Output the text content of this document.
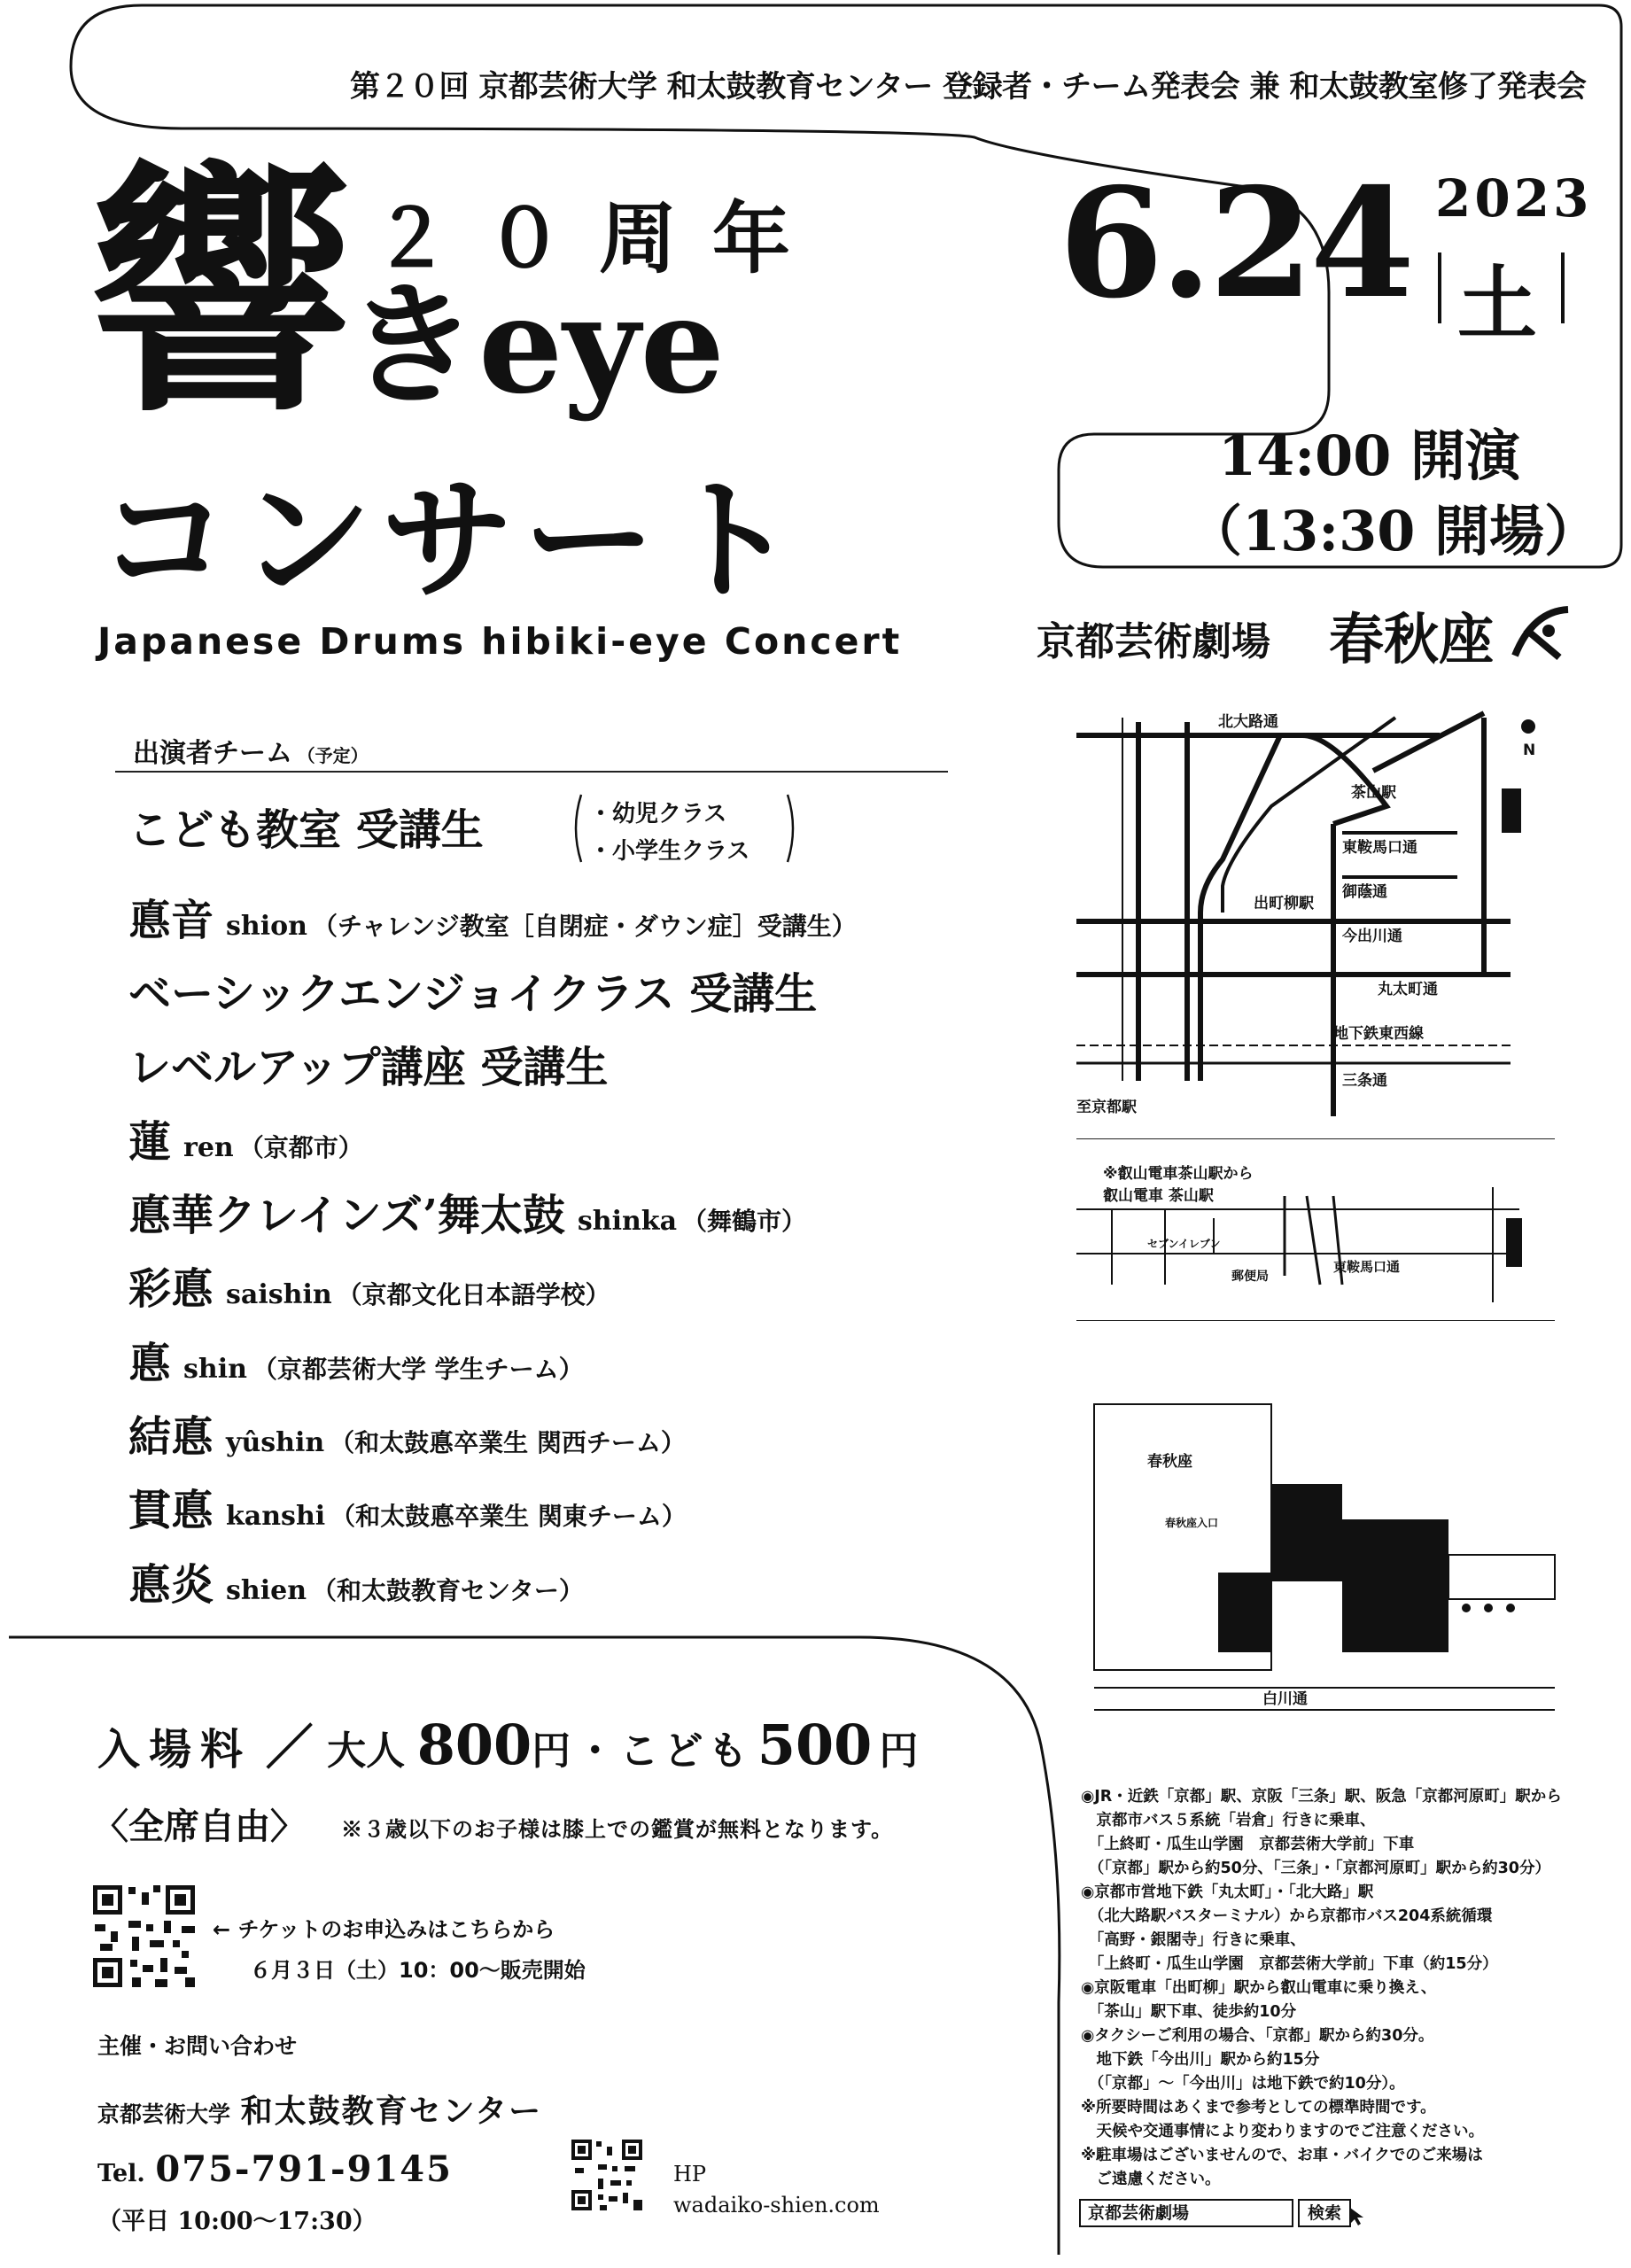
第２０回 京都芸術大学 和太鼓教育センター 登録者・チーム発表会 兼 和太鼓教室修了発表会
響 ２０周年
きeye
コンサート
Japanese Drums hibiki-eye Concert
6.24 2023
土
14:00 開演
（13:30 開場）
京都芸術劇場 春秋座
出演者チーム （予定）
こども教室 受講生	・幼児クラス
・小学生クラス
悳音 shion （チャレンジ教室［自閉症・ダウン症］受講生）
ベーシックエンジョイクラス 受講生
レベルアップ講座 受講生
蓮ren （京都市）
悳華クレインズ’舞太鼓 shinka （舞鶴市）
彩悳 saishin （京都文化日本語学校）
悳shin （京都芸術大学 学生チーム）
結悳 yûshin （和太鼓悳卒業生 関西チーム）
貫悳 kanshi （和太鼓悳卒業生 関東チーム）
悳炎 shien （和太鼓教育センター）
入場料 ／ 大人 800円 ・ こども 500 円
〈全席自由〉 ※３歳以下のお子様は膝上での鑑賞が無料となります。
← チケットのお申込みはこちらから
６月３日（土）10：00〜販売開始
主催・お問い合わせ
京都芸術大学 和太鼓教育センター
Tel. 075-791-9145
（平日 10:00〜17:30）
HP
wadaiko-shien.com
N
北大路通
茶山駅
東鞍馬口通
御蔭通
出町柳駅
今出川通
丸太町通
地下鉄東西線
三条通
至京都駅
※叡山電車茶山駅から
叡山電車 茶山駅
セブンイレブン
郵便局
東鞍馬口通
春秋座
白川通
春秋座入口
◉JR・近鉄「京都」駅、京阪「三条」駅、阪急「京都河原町」駅から
　京都市バス５系統「岩倉」行きに乗車、
　「上終町・瓜生山学園　京都芸術大学前」下車
　（「京都」駅から約50分、「三条」・「京都河原町」駅から約30分）
◉京都市営地下鉄「丸太町」・「北大路」駅
　（北大路駅バスターミナル）から京都市バス204系統循環
　「高野・銀閣寺」行きに乗車、
　「上終町・瓜生山学園　京都芸術大学前」下車（約15分）
◉京阪電車「出町柳」駅から叡山電車に乗り換え、
　「茶山」駅下車、徒歩約10分
◉タクシーご利用の場合、「京都」駅から約30分。
　地下鉄「今出川」駅から約15分
　（「京都」〜「今出川」は地下鉄で約10分）。
※所要時間はあくまで参考としての標準時間です。
　天候や交通事情により変わりますのでご注意ください。
※駐車場はございませんので、お車・バイクでのご来場は
　ご遠慮ください。
京都芸術劇場	検索
